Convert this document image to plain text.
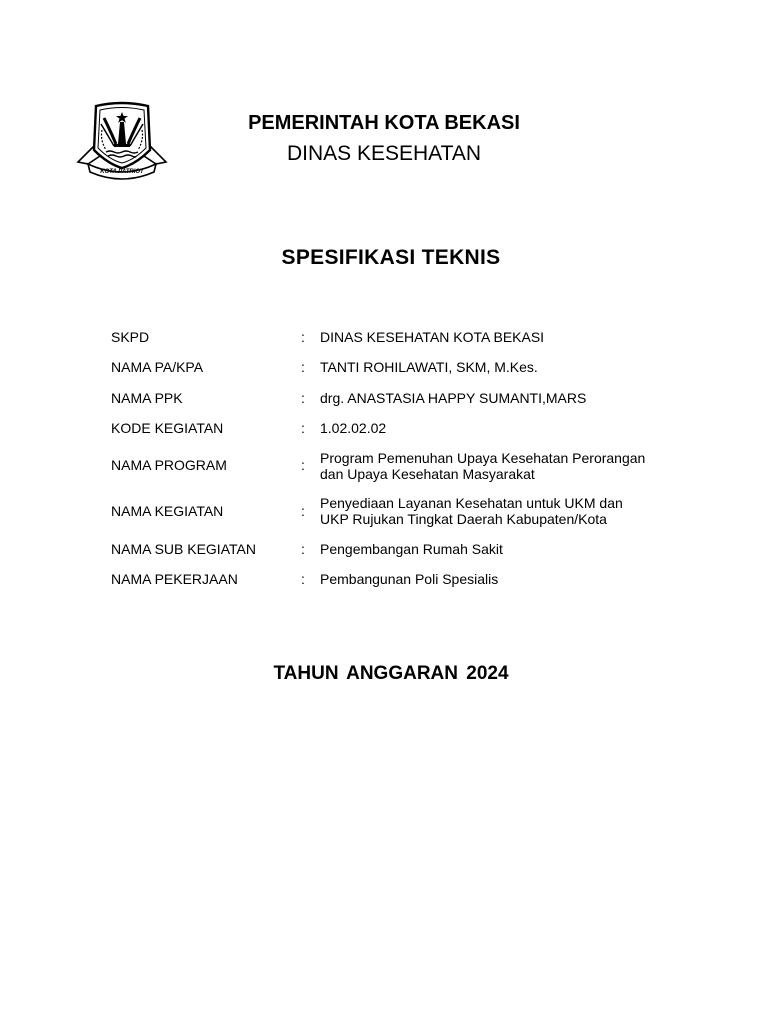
KOTA PATRIOT
PEMERINTAH KOTA BEKASI
DINAS KESEHATAN
SPESIFIKASI TEKNIS
SKPD	:	DINAS KESEHATAN KOTA BEKASI
NAMA PA/KPA	:	TANTI ROHILAWATI, SKM, M.Kes.
NAMA PPK	:	drg. ANASTASIA HAPPY SUMANTI,MARS
KODE KEGIATAN	:	1.02.02.02
NAMA PROGRAM	:	Program Pemenuhan Upaya Kesehatan Perorangan
dan Upaya Kesehatan Masyarakat
NAMA KEGIATAN	:	Penyediaan Layanan Kesehatan untuk UKM dan
UKP Rujukan Tingkat Daerah Kabupaten/Kota
NAMA SUB KEGIATAN	:	Pengembangan Rumah Sakit
NAMA PEKERJAAN	:	Pembangunan Poli Spesialis
TAHUN ANGGARAN 2024
